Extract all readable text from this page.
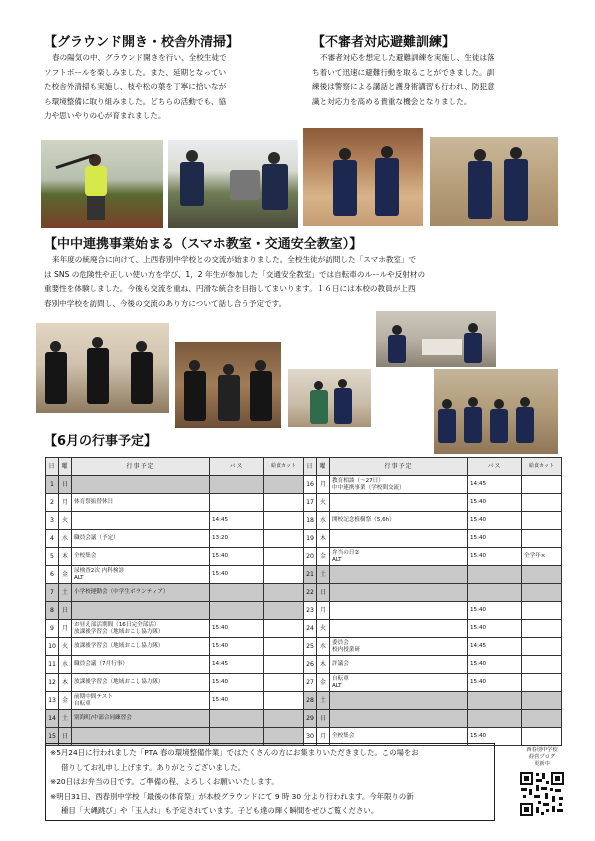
【グラウンド開き・校舎外清掃】

春の陽気の中、グラウンド開きを行い、全校生徒で

ソフトボールを楽しみました。また、延期となってい

た校舎外清掃も実施し、枝や松の葉を丁寧に拾いなが

ら環境整備に取り組みました。どちらの活動でも、協

力や思いやりの心が育まれました。

【不審者対応避難訓練】

不審者対応を想定した避難訓練を実施し、生徒は落

ち着いて迅速に避難行動を取ることができました。訓

練後は警察による講話と護身術講習も行われ、防犯意

識と対応力を高める貴重な機会となりました。

【中中連携事業始まる（スマホ教室・交通安全教室）】

来年度の統廃合に向けて、上西春別中学校との交流が始まりました。全校生徒が訪問した「スマホ教室」で

は SNS の危険性や正しい使い方を学び、1，2 年生が参加した「交通安全教室」では自転車のルールや反射材の

重要性を体験しました。今後も交流を重ね、円滑な統合を目指してまいります。１６日には本校の教員が上西

春別中学校を訪問し、今後の交流のあり方について話し合う予定です。

【6月の行事予定】
日	曜	行事予定	バス	給食カット
1	日			
2	月	体育祭振替休日		

3	火		14:45	
4	水	職員会議（予定）	13:20	
5	木	全校集会	15:40	
6	金	尿検査2次 内科検診
ALT	15:40	
7	土	小学校運動会（中学生ボランティア）		

8	日			
9	月	お昼え部活期間（16日完全部活）
放課後学習会（地域おこし協力隊）	15:40	
10	火	放課後学習会（地域おこし協力隊）	15:40	
11	水	職員会議（7月行事）	14:45	
12	木	放課後学習会（地域おこし協力隊）	15:40	
13	金	前期中間テスト
自転車	15:40	
14	土	別海町/中部合同練習会		

15	日			
日	曜	行事予定	バス	給食カット
16	月	教育相談（～27日）
中中連携事業（学校間交流）	14:45	
17	火		15:40	
18	水	開校記念植樹祭（5,6h）	15:40	
19	木		15:40	
20	金	弁当の日②
ALT	15:40	全学年×
21	土			
22	日			
23	月		15:40	
24	火		15:40	
25	水	委員会
校内授業研	14:45	
26	木	評議会	15:40	
27	金	自転車
ALT	15:40	
28	土			
29	日			
30	月	全校集会	15:40	

※5月24日に行われました「PTA 春の環境整備作業」ではたくさんの方にお集まりいただきました。この場をお

借りしてお礼申し上げます。ありがとうございました。

※20日はお弁当の日です。ご準備の程、よろしくお願いいたします。

※明日31日、西春別中学校「最後の体育祭」が本校グラウンドにて 9 時 30 分より行われます。今年限りの新

種目「大縄跳び」や「玉入れ」も予定されています。子ども達の輝く瞬間をぜひご覧ください。

西春別中学校
経営ブログ
更新中
